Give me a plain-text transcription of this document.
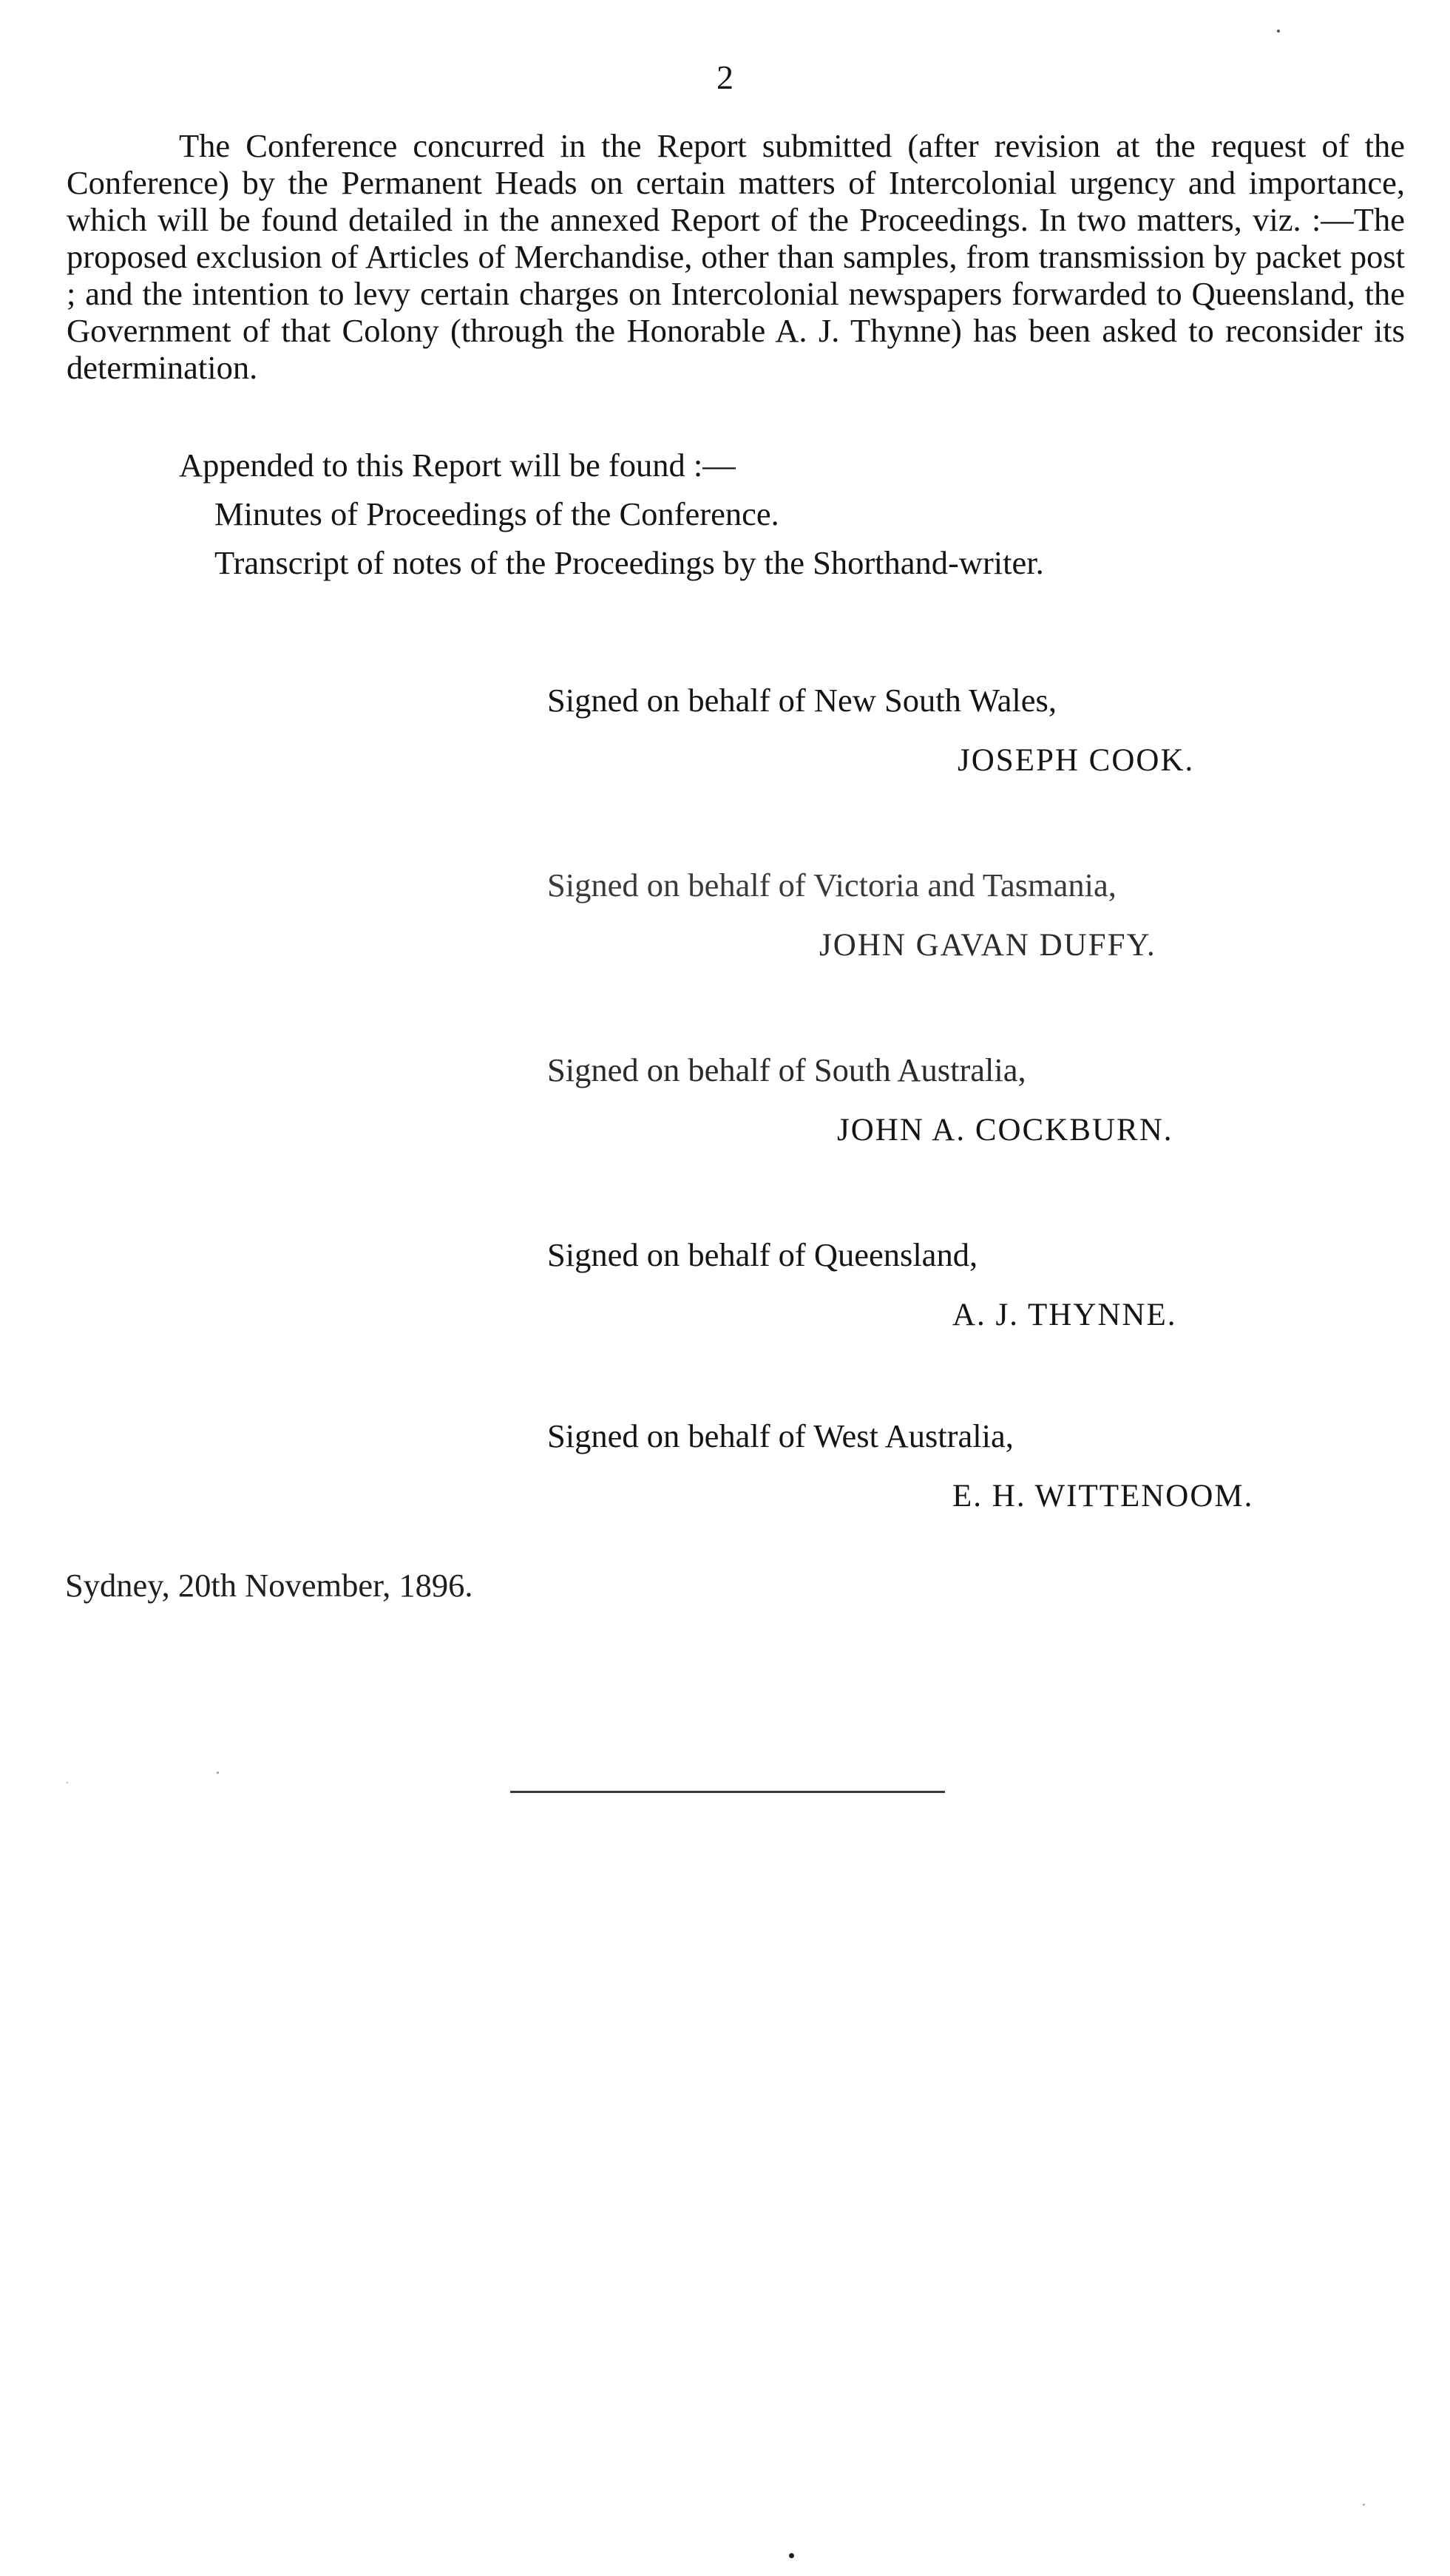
2

The Conference concurred in the Report submitted (after revision at the request of the Conference) by the Permanent Heads on certain matters of Intercolonial urgency and importance, which will be found detailed in the annexed Report of the Proceedings. In two matters, viz. :—The proposed exclusion of Articles of Merchandise, other than samples, from transmission by packet post ; and the intention to levy certain charges on Intercolonial newspapers forwarded to Queensland, the Government of that Colony (through the Honorable A. J. Thynne) has been asked to reconsider its determination.

Appended to this Report will be found :—

Minutes of Proceedings of the Conference.
Transcript of notes of the Proceedings by the Shorthand-writer.
Signed on behalf of New South Wales,
JOSEPH COOK.
Signed on behalf of Victoria and Tasmania,
JOHN GAVAN DUFFY.
Signed on behalf of South Australia,
JOHN A. COCKBURN.
Signed on behalf of Queensland,
A. J. THYNNE.
Signed on behalf of West Australia,
E. H. WITTENOOM.
Sydney, 20th November, 1896.
